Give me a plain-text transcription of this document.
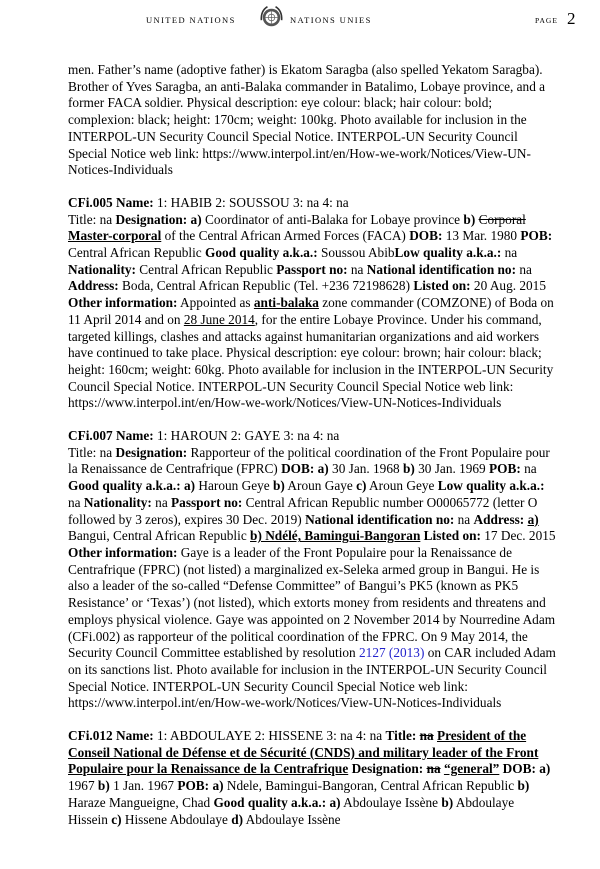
UNITED NATIONS	NATIONS UNIES	PAGE 2

men. Father’s name (adoptive father) is Ekatom Saragba (also spelled Yekatom Saragba). Brother of Yves Saragba, an anti-Balaka commander in Batalimo, Lobaye province, and a former FACA soldier. Physical description: eye colour: black; hair colour: bold; complexion: black; height: 170cm; weight: 100kg. Photo available for inclusion in the INTERPOL-UN Security Council Special Notice. INTERPOL-UN Security Council Special Notice web link: https://www.interpol.int/en/How-we-work/Notices/View-UN-Notices-Individuals

CFi.005 Name: 1: HABIB 2: SOUSSOU 3: na 4: na
Title: na Designation: a) Coordinator of anti-Balaka for Lobaye province b) Corporal Master-corporal of the Central African Armed Forces (FACA) DOB: 13 Mar. 1980 POB: Central African Republic Good quality a.k.a.: Soussou AbibLow quality a.k.a.: na Nationality: Central African Republic Passport no: na National identification no: na Address: Boda, Central African Republic (Tel. +236 72198628) Listed on: 20 Aug. 2015 Other information: Appointed as anti-balaka zone commander (COMZONE) of Boda on 11 April 2014 and on 28 June 2014, for the entire Lobaye Province. Under his command, targeted killings, clashes and attacks against humanitarian organizations and aid workers have continued to take place. Physical description: eye colour: brown; hair colour: black; height: 160cm; weight: 60kg. Photo available for inclusion in the INTERPOL-UN Security Council Special Notice. INTERPOL-UN Security Council Special Notice web link: https://www.interpol.int/en/How-we-work/Notices/View-UN-Notices-Individuals

CFi.007 Name: 1: HAROUN 2: GAYE 3: na 4: na
Title: na Designation: Rapporteur of the political coordination of the Front Populaire pour la Renaissance de Centrafrique (FPRC) DOB: a) 30 Jan. 1968 b) 30 Jan. 1969 POB: na Good quality a.k.a.: a) Haroun Geye b) Aroun Gaye c) Aroun Geye Low quality a.k.a.: na Nationality: na Passport no: Central African Republic number O00065772 (letter O followed by 3 zeros), expires 30 Dec. 2019) National identification no: na Address: a) Bangui, Central African Republic b) Ndélé, Bamingui-Bangoran Listed on: 17 Dec. 2015 Other information: Gaye is a leader of the Front Populaire pour la Renaissance de Centrafrique (FPRC) (not listed) a marginalized ex-Seleka armed group in Bangui. He is also a leader of the so-called “Defense Committee” of Bangui’s PK5 (known as PK5 Resistance’ or ‘Texas’) (not listed), which extorts money from residents and threatens and employs physical violence. Gaye was appointed on 2 November 2014 by Nourredine Adam (CFi.002) as rapporteur of the political coordination of the FPRC. On 9 May 2014, the Security Council Committee established by resolution 2127 (2013) on CAR included Adam on its sanctions list. Photo available for inclusion in the INTERPOL-UN Security Council Special Notice. INTERPOL-UN Security Council Special Notice web link: https://www.interpol.int/en/How-we-work/Notices/View-UN-Notices-Individuals

CFi.012 Name: 1: ABDOULAYE 2: HISSENE 3: na 4: na Title: na President of the Conseil National de Défense et de Sécurité (CNDS) and military leader of the Front Populaire pour la Renaissance de la Centrafrique Designation: na “general” DOB: a) 1967 b) 1 Jan. 1967 POB: a) Ndele, Bamingui-Bangoran, Central African Republic b) Haraze Mangueigne, Chad Good quality a.k.a.: a) Abdoulaye Issène b) Abdoulaye Hissein c) Hissene Abdoulaye d) Abdoulaye Issène
